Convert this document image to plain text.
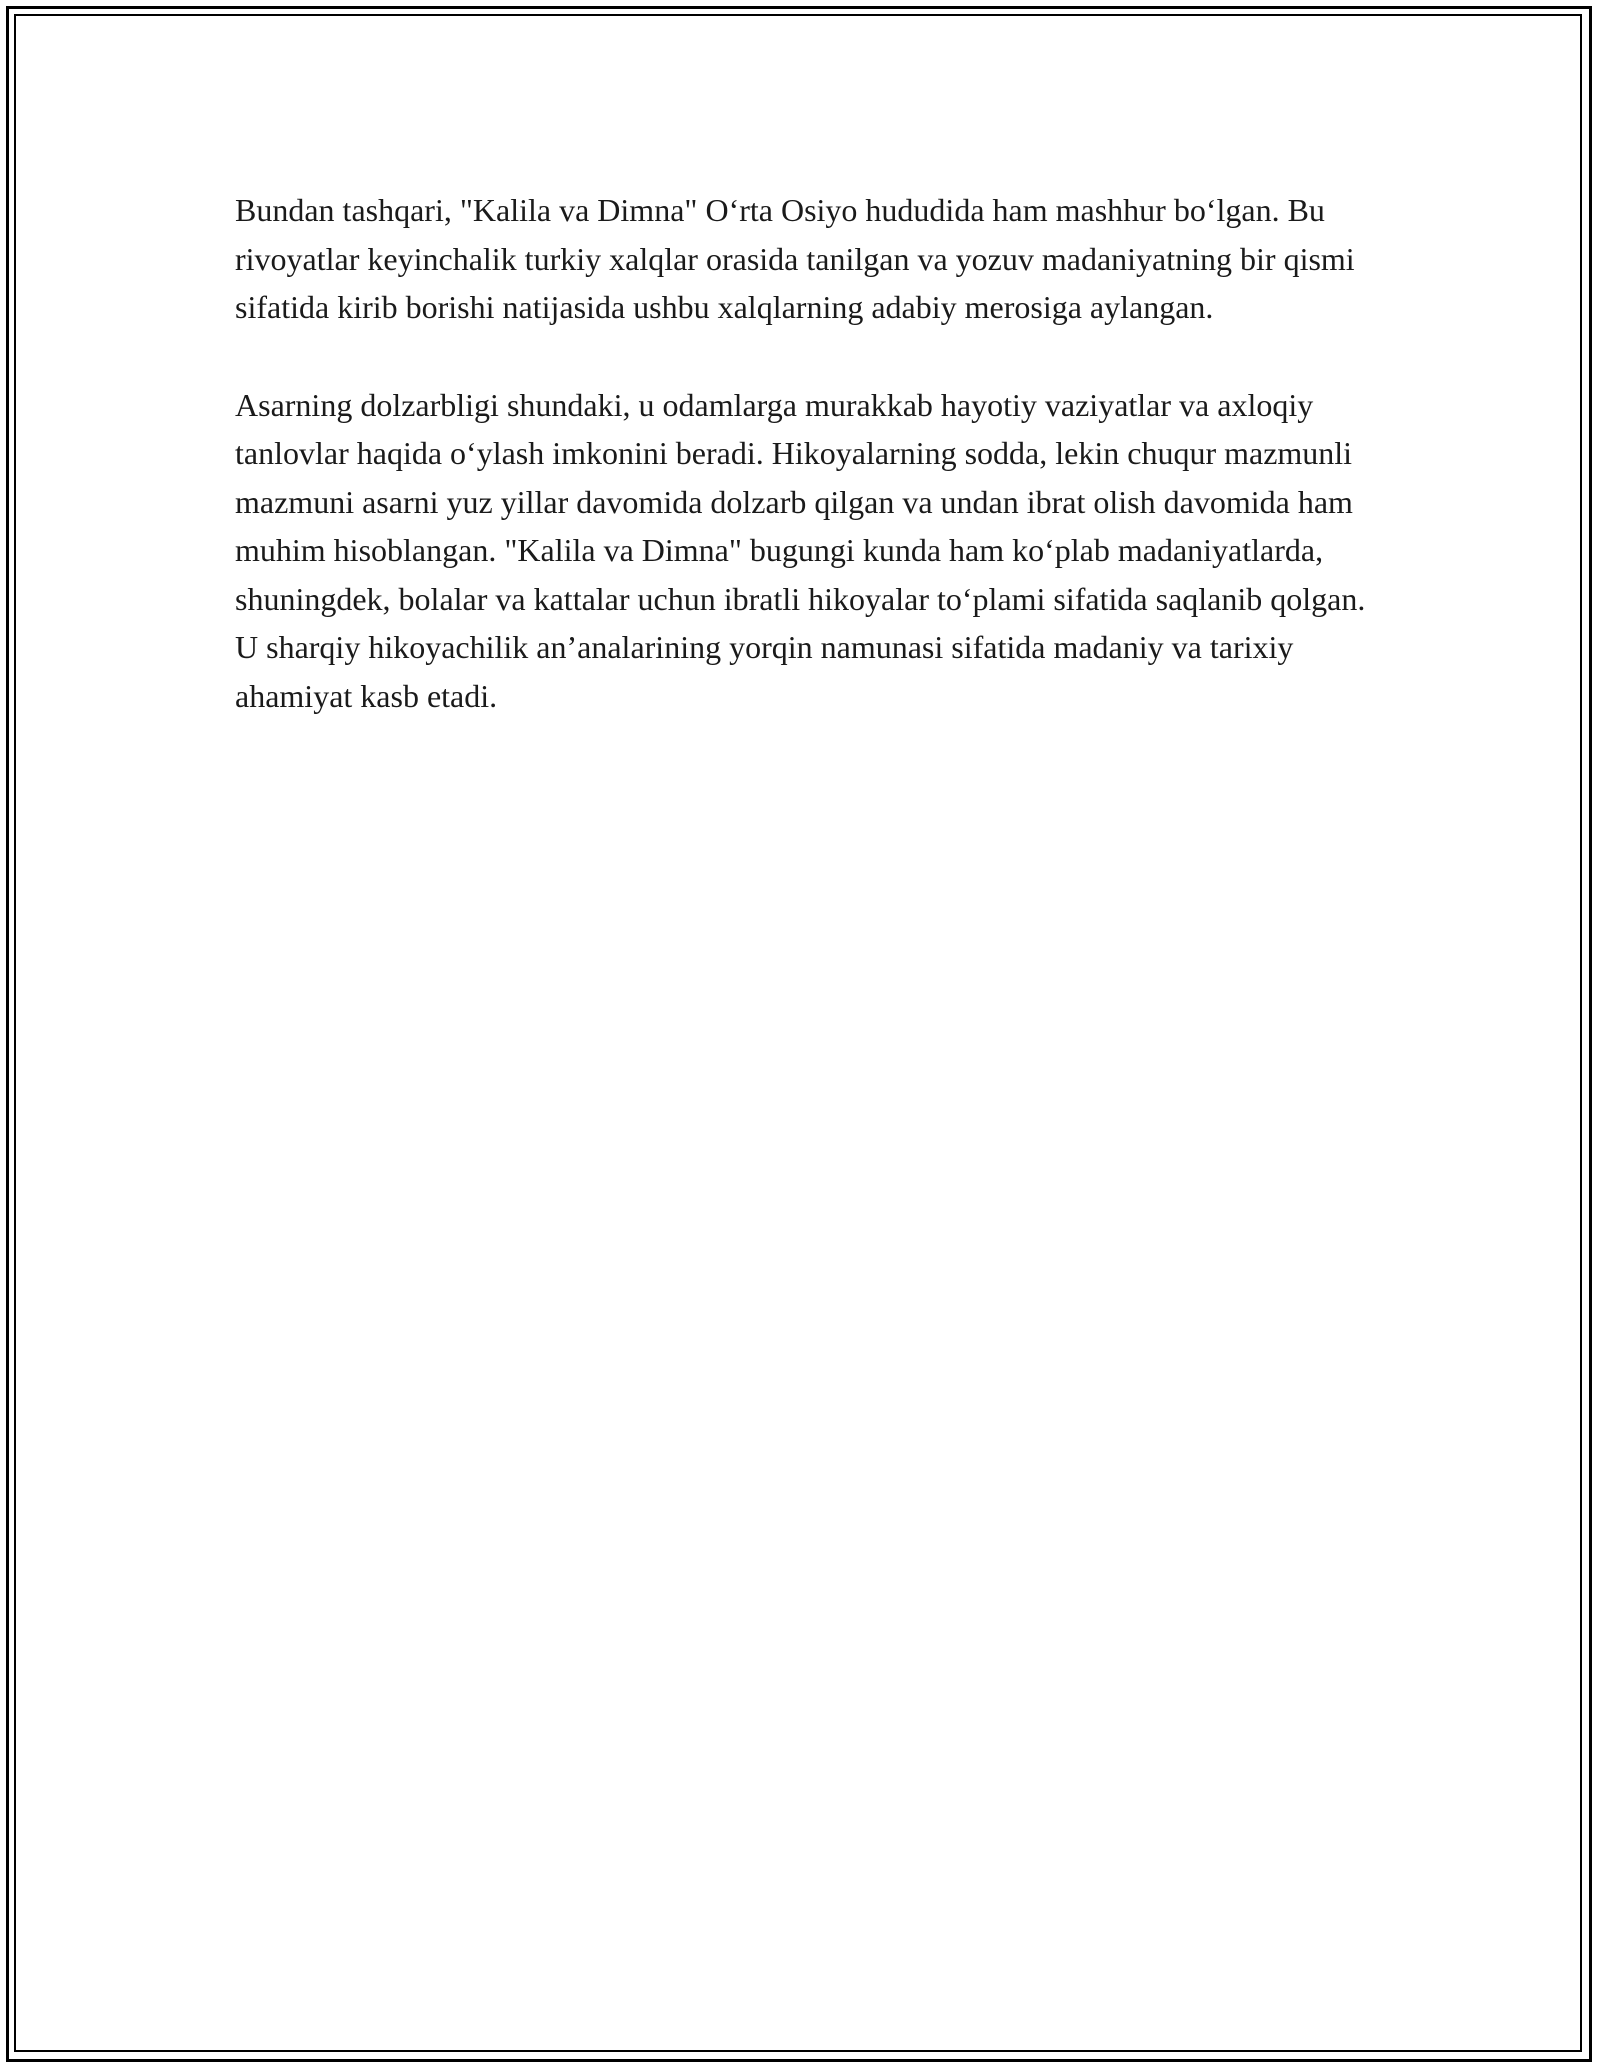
Bundan tashqari, "Kalila va Dimna" O‘rta Osiyo hududida ham mashhur bo‘lgan. Bu rivoyatlar keyinchalik turkiy xalqlar orasida tanilgan va yozuv madaniyatning bir qismi sifatida kirib borishi natijasida ushbu xalqlarning adabiy merosiga aylangan.

Asarning dolzarbligi shundaki, u odamlarga murakkab hayotiy vaziyatlar va axloqiy tanlovlar haqida o‘ylash imkonini beradi. Hikoyalarning sodda, lekin chuqur mazmunli mazmuni asarni yuz yillar davomida dolzarb qilgan va undan ibrat olish davomida ham muhim hisoblangan. "Kalila va Dimna" bugungi kunda ham ko‘plab madaniyatlarda, shuningdek, bolalar va kattalar uchun ibratli hikoyalar to‘plami sifatida saqlanib qolgan. U sharqiy hikoyachilik an’analarining yorqin namunasi sifatida madaniy va tarixiy ahamiyat kasb etadi.
